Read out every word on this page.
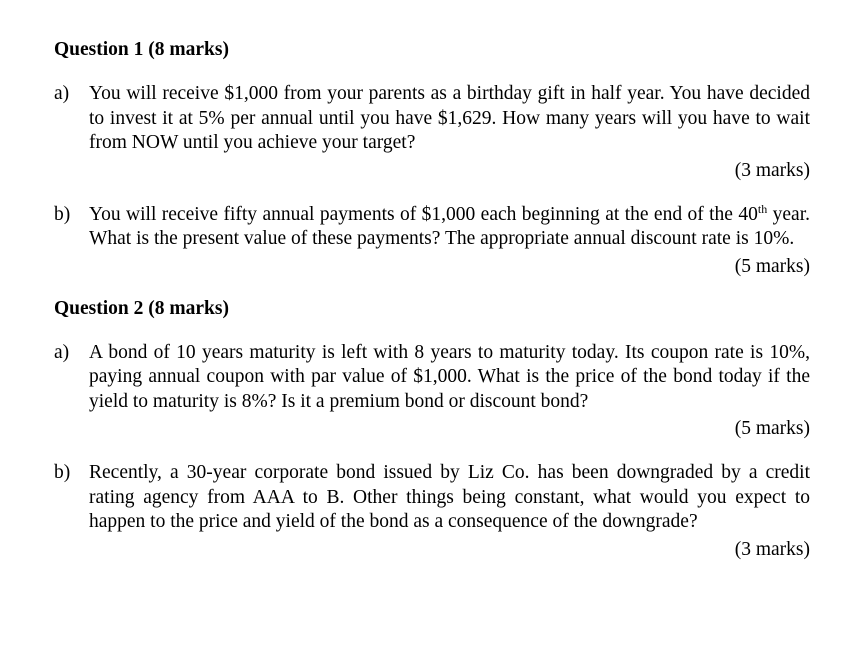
Question 1 (8 marks)

a) You will receive $1,000 from your parents as a birthday gift in half year. You have decided to invest it at 5% per annual until you have $1,629. How many years will you have to wait from NOW until you achieve your target?

(3 marks)
b) You will receive fifty annual payments of $1,000 each beginning at the end of the 40th year. What is the present value of these payments? The appropriate annual discount rate is 10%.

(5 marks)

Question 2 (8 marks)

a) A bond of 10 years maturity is left with 8 years to maturity today. Its coupon rate is 10%, paying annual coupon with par value of $1,000. What is the price of the bond today if the yield to maturity is 8%? Is it a premium bond or discount bond?

(5 marks)
b) Recently, a 30-year corporate bond issued by Liz Co. has been downgraded by a credit rating agency from AAA to B. Other things being constant, what would you expect to happen to the price and yield of the bond as a consequence of the downgrade?

(3 marks)
